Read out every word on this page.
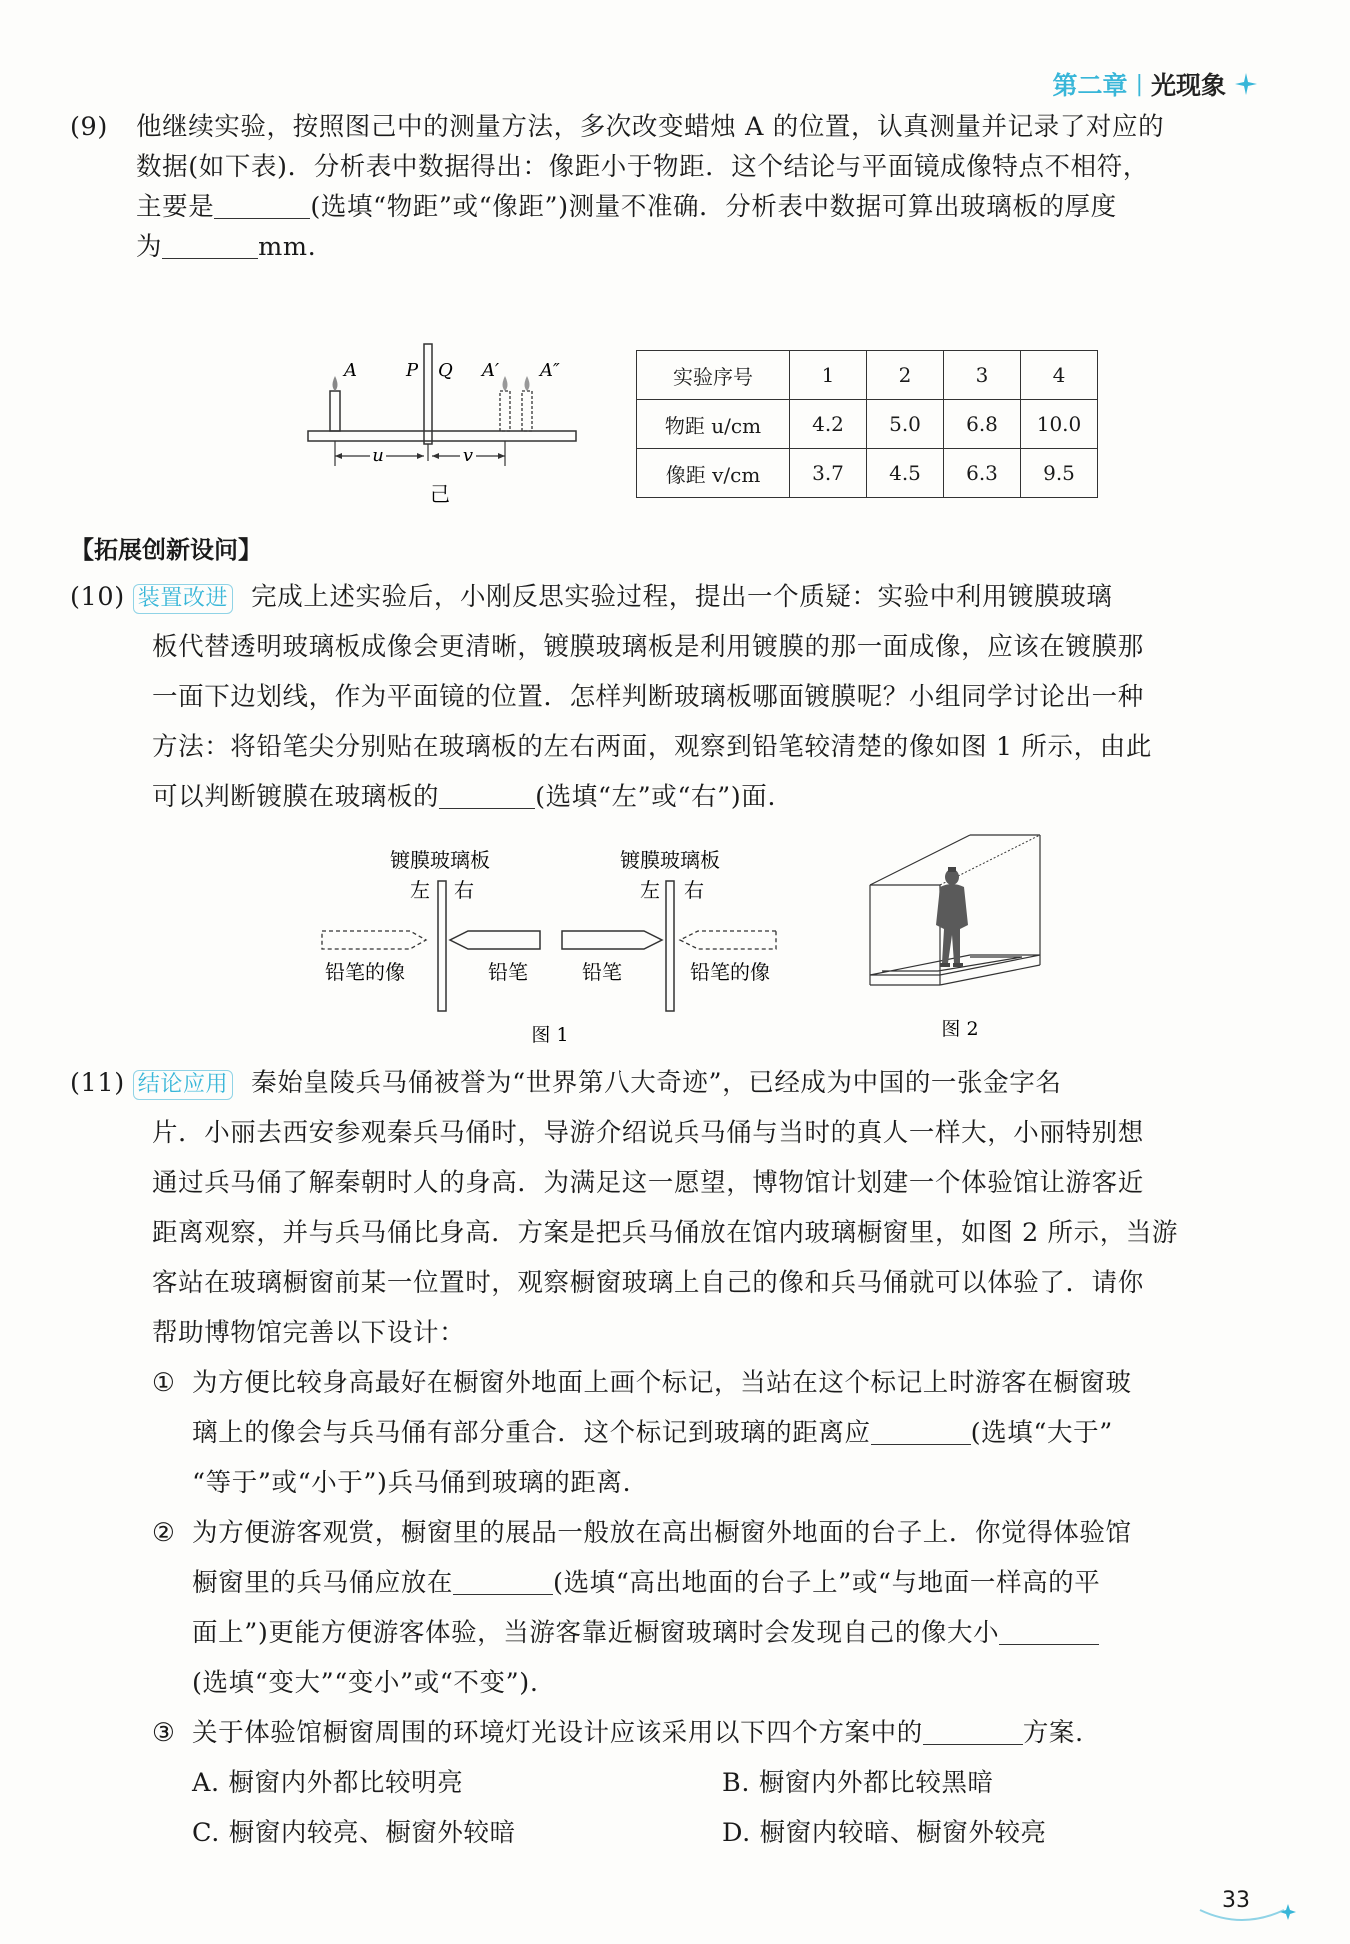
第二章 | 光现象
(9) 他继续实验，按照图己中的测量方法，多次改变蜡烛 A 的位置，认真测量并记录了对应的
数据(如下表)．分析表中数据得出：像距小于物距．这个结论与平面镜成像特点不相符，
主要是	(选填“物距”或“像距”)测量不准确．分析表中数据可算出玻璃板的厚度
为	mm.
u	v
A	P Q A′ A″
己
实验序号	1	2	3	4
物距 u/cm	4.2	5.0	6.8	10.0
像距 v/cm	3.7	4.5	6.3	9.5
【拓展创新设问】
(10) 装置改进 完成上述实验后，小刚反思实验过程，提出一个质疑：实验中利用镀膜玻璃
板代替透明玻璃板成像会更清晰，镀膜玻璃板是利用镀膜的那一面成像，应该在镀膜那
一面下边划线，作为平面镜的位置．怎样判断玻璃板哪面镀膜呢？小组同学讨论出一种
方法：将铅笔尖分别贴在玻璃板的左右两面，观察到铅笔较清楚的像如图 1 所示，由此
可以判断镀膜在玻璃板的	(选填“左”或“右”)面.
镀膜玻璃板
左 右
铅笔的像	铅笔
镀膜玻璃板
左 右
铅笔	铅笔的像
图 1	图 2
(11) 结论应用 秦始皇陵兵马俑被誉为“世界第八大奇迹”，已经成为中国的一张金字名
片．小丽去西安参观秦兵马俑时，导游介绍说兵马俑与当时的真人一样大，小丽特别想
通过兵马俑了解秦朝时人的身高．为满足这一愿望，博物馆计划建一个体验馆让游客近
距离观察，并与兵马俑比身高．方案是把兵马俑放在馆内玻璃橱窗里，如图 2 所示，当游
客站在玻璃橱窗前某一位置时，观察橱窗玻璃上自己的像和兵马俑就可以体验了．请你
帮助博物馆完善以下设计：
① 为方便比较身高最好在橱窗外地面上画个标记，当站在这个标记上时游客在橱窗玻
璃上的像会与兵马俑有部分重合．这个标记到玻璃的距离应	(选填“大于”
“等于”或“小于”)兵马俑到玻璃的距离.
② 为方便游客观赏，橱窗里的展品一般放在高出橱窗外地面的台子上．你觉得体验馆
橱窗里的兵马俑应放在	(选填“高出地面的台子上”或“与地面一样高的平
面上”)更能方便游客体验，当游客靠近橱窗玻璃时会发现自己的像大小
(选填“变大”“变小”或“不变”).
③ 关于体验馆橱窗周围的环境灯光设计应该采用以下四个方案中的	方案.
A. 橱窗内外都比较明亮	B. 橱窗内外都比较黑暗
C. 橱窗内较亮、橱窗外较暗	D. 橱窗内较暗、橱窗外较亮
33
